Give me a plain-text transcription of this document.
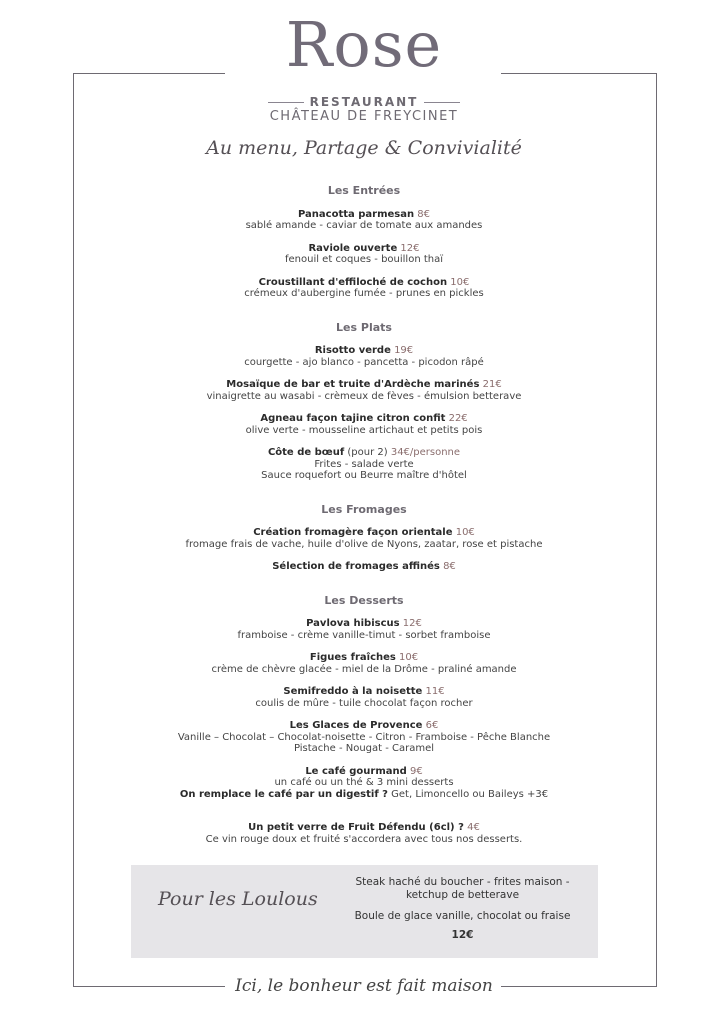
Rose
RESTAURANT
CHÂTEAU DE FREYCINET
Au menu, Partage & Convivialité
Les Entrées
Panacotta parmesan 8€
sablé amande - caviar de tomate aux amandes
Raviole ouverte 12€
fenouil et coques - bouillon thaï
Croustillant d'effiloché de cochon 10€
crémeux d'aubergine fumée - prunes en pickles
Les Plats
Risotto verde 19€
courgette - ajo blanco - pancetta - picodon râpé
Mosaïque de bar et truite d'Ardèche marinés 21€
vinaigrette au wasabi - crèmeux de fèves - émulsion betterave
Agneau façon tajine citron confit 22€
olive verte - mousseline artichaut et petits pois
Côte de bœuf (pour 2) 34€/personne
Frites - salade verte
Sauce roquefort ou Beurre maître d'hôtel
Les Fromages
Création fromagère façon orientale 10€
fromage frais de vache, huile d'olive de Nyons, zaatar, rose et pistache
Sélection de fromages affinés 8€
Les Desserts
Pavlova hibiscus 12€
framboise - crème vanille-timut - sorbet framboise
Figues fraîches 10€
crème de chèvre glacée - miel de la Drôme - praliné amande
Semifreddo à la noisette 11€
coulis de mûre - tuile chocolat façon rocher
Les Glaces de Provence 6€
Vanille – Chocolat – Chocolat-noisette - Citron - Framboise - Pêche Blanche
Pistache - Nougat - Caramel
Le café gourmand 9€
un café ou un thé & 3 mini desserts
On remplace le café par un digestif ? Get, Limoncello ou Baileys +3€
Un petit verre de Fruit Défendu (6cl) ? 4€
Ce vin rouge doux et fruité s'accordera avec tous nos desserts.
Pour les Loulous
Steak haché du boucher - frites maison - ketchup de betterave
Boule de glace vanille, chocolat ou fraise
12€
Ici, le bonheur est fait maison
